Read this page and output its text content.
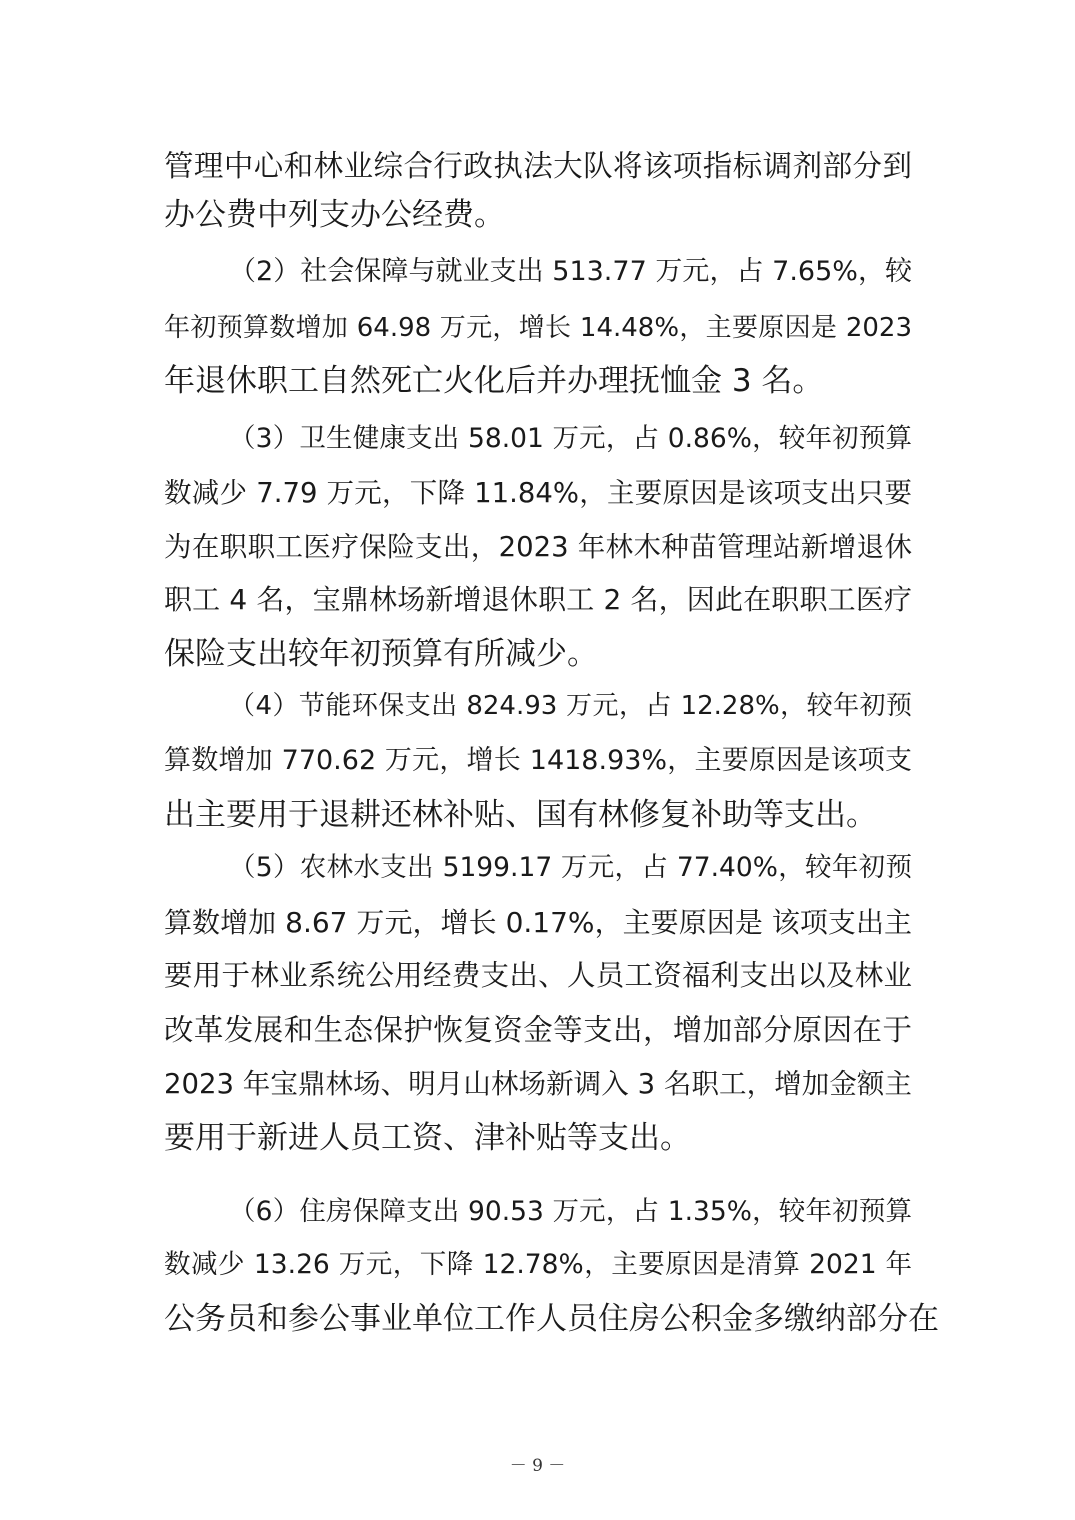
管理中心和林业综合行政执法大队将该项指标调剂部分到
办公费中列支办公经费。
（2）社会保障与就业支出 513.77 万元，占 7.65%，较
年初预算数增加 64.98 万元，增长 14.48%，主要原因是 2023
年退休职工自然死亡火化后并办理抚恤金 3 名。
（3）卫生健康支出 58.01 万元，占 0.86%，较年初预算
数减少 7.79 万元，下降 11.84%，主要原因是该项支出只要
为在职职工医疗保险支出，2023 年林木种苗管理站新增退休
职工 4 名，宝鼎林场新增退休职工 2 名，因此在职职工医疗
保险支出较年初预算有所减少。
（4）节能环保支出 824.93 万元，占 12.28%，较年初预
算数增加 770.62 万元，增长 1418.93%，主要原因是该项支
出主要用于退耕还林补贴、国有林修复补助等支出。
（5）农林水支出 5199.17 万元，占 77.40%，较年初预
算数增加 8.67 万元，增长 0.17%，主要原因是 该项支出主
要用于林业系统公用经费支出、人员工资福利支出以及林业
改革发展和生态保护恢复资金等支出，增加部分原因在于
2023 年宝鼎林场、明月山林场新调入 3 名职工，增加金额主
要用于新进人员工资、津补贴等支出。
（6）住房保障支出 90.53 万元，占 1.35%，较年初预算
数减少 13.26 万元，下降 12.78%，主要原因是清算 2021 年
公务员和参公事业单位工作人员住房公积金多缴纳部分在
－ 9 －
